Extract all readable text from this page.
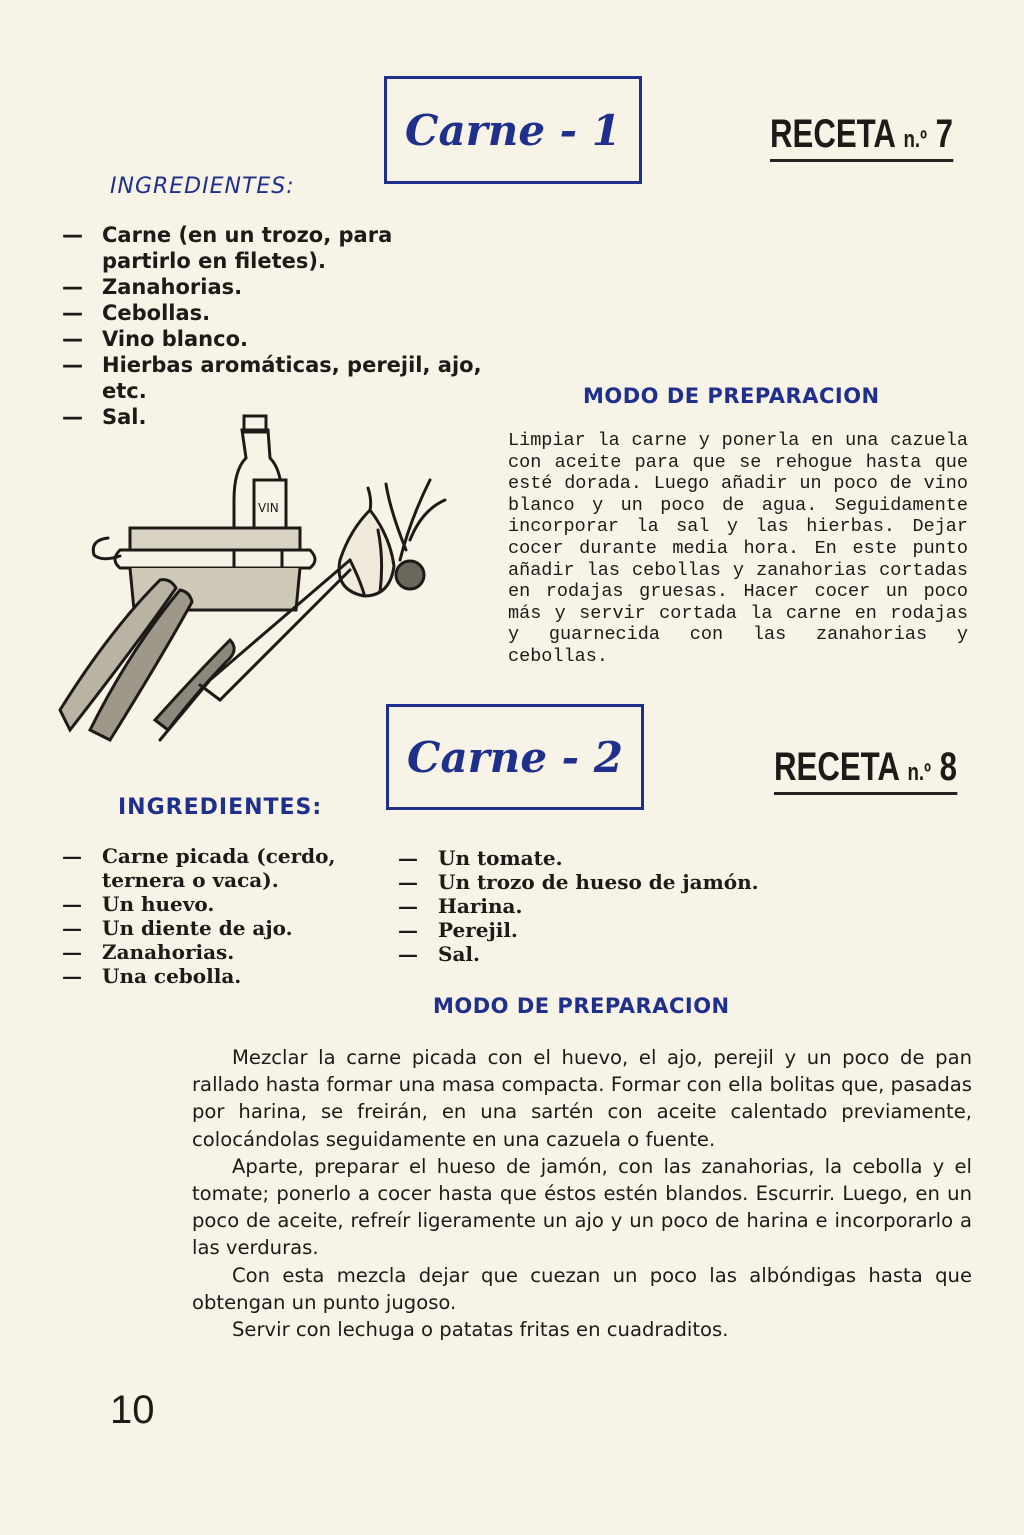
Carne - 1	RECETA n.º 7
INGREDIENTES:
— Carne (en un trozo, para partirlo en filetes).
— Zanahorias.
— Cebollas.
— Vino blanco.
— Hierbas aromáticas, perejil, ajo, etc.
— Sal.
VIN
MODO DE PREPARACION
Limpiar la carne y ponerla en una cazuela con aceite para que se rehogue hasta que esté dorada. Luego añadir un poco de vino blanco y un poco de agua. Seguidamente incorporar la sal y las hierbas. Dejar cocer durante media hora. En este punto añadir las cebollas y zanahorias cortadas en rodajas gruesas. Hacer cocer un poco más y servir cortada la carne en rodajas y guarnecida con las zanahorias y cebollas.
Carne - 2	RECETA n.º 8
INGREDIENTES:
— Carne picada (cerdo, ternera o vaca).
— Un huevo.
— Un diente de ajo.
— Zanahorias.
— Una cebolla.
— Un tomate.
— Un trozo de hueso de jamón.
— Harina.
— Perejil.
— Sal.
MODO DE PREPARACION

Mezclar la carne picada con el huevo, el ajo, perejil y un poco de pan rallado hasta formar una masa compacta. Formar con ella bolitas que, pasadas por harina, se freirán, en una sartén con aceite calentado previamente, colocándolas seguidamente en una cazuela o fuente.

Aparte, preparar el hueso de jamón, con las zanahorias, la cebolla y el tomate; ponerlo a cocer hasta que éstos estén blandos. Escurrir. Luego, en un poco de aceite, refreír ligeramente un ajo y un poco de harina e incorporarlo a las verduras.

Con esta mezcla dejar que cuezan un poco las albóndigas hasta que obtengan un punto jugoso.

Servir con lechuga o patatas fritas en cuadraditos.

10
